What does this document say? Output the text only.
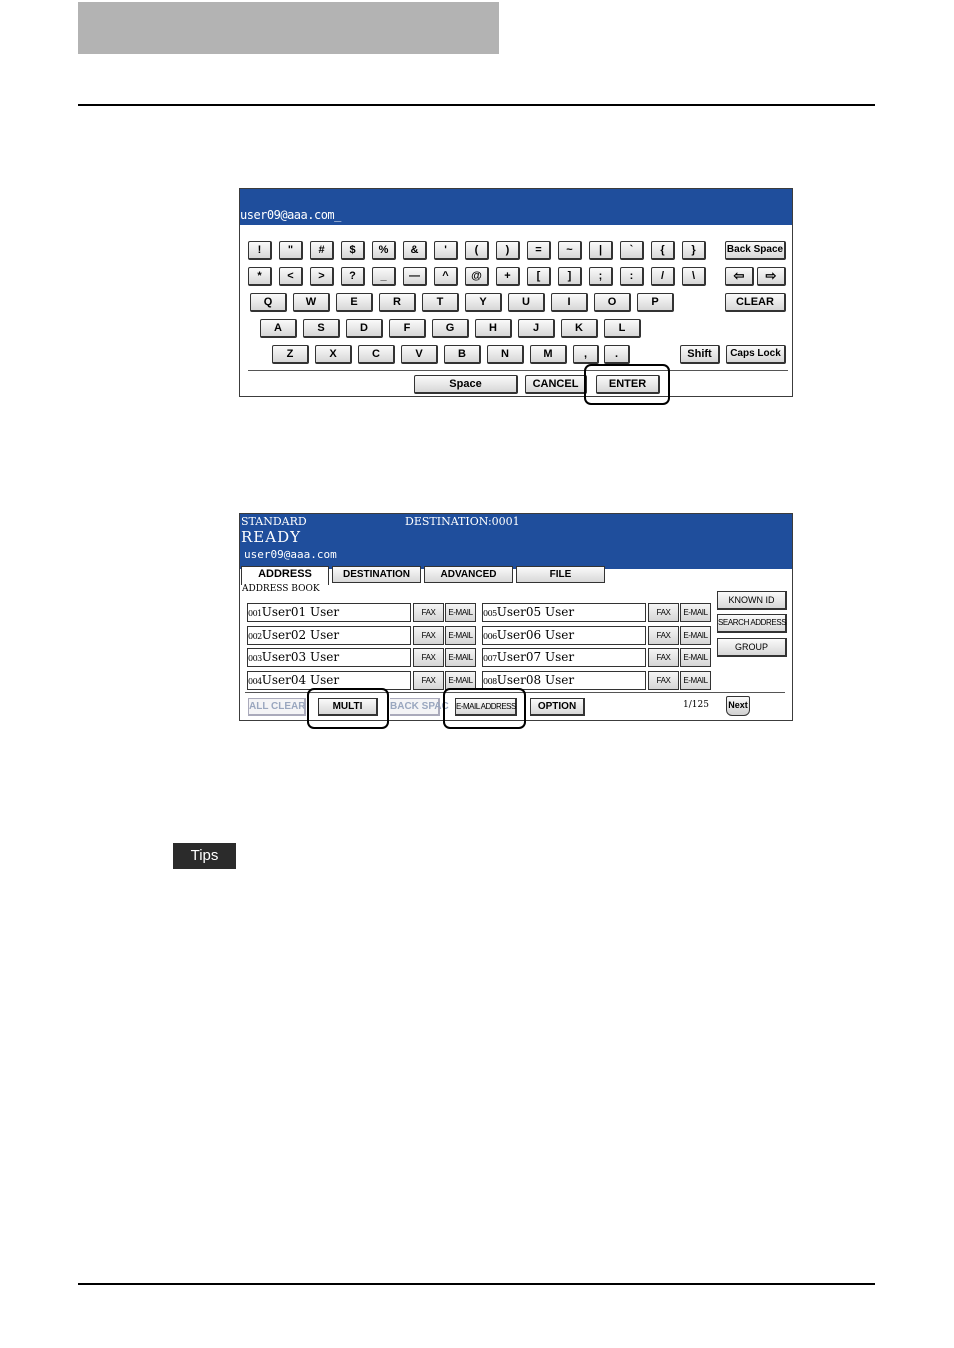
user09@aaa.com_
!	"	#	$	%	&	'	(	)	=	~	|	`	{	}
*	<	>	?	_	—	^	@	+	[	]	;	:	/	\
Q	W	E	R	T	Y	U	I	O	P
A	S	D	F	G	H	J	K	L
Z	X	C	V	B	N	M	,	.
Back Space
⇦	⇨
CLEAR
Shift	Caps Lock
Space	CANCEL	ENTER
STANDARD	DESTINATION:0001
READY
user09@aaa.com
ADDRESS	DESTINATION	ADVANCED	FILE
ADDRESS BOOK
001User01 User	FAX	E-MAIL
002User02 User	FAX	E-MAIL
003User03 User	FAX	E-MAIL
004User04 User	FAX	E-MAIL
005User05 User	FAX	E-MAIL
006User06 User	FAX	E-MAIL
007User07 User	FAX	E-MAIL
008User08 User	FAX	E-MAIL
KNOWN ID
SEARCH ADDRESS
GROUP
ALL CLEAR	MULTI	BACK SPAC E-MAIL ADDRESS	OPTION	1/125 Next
Tips
